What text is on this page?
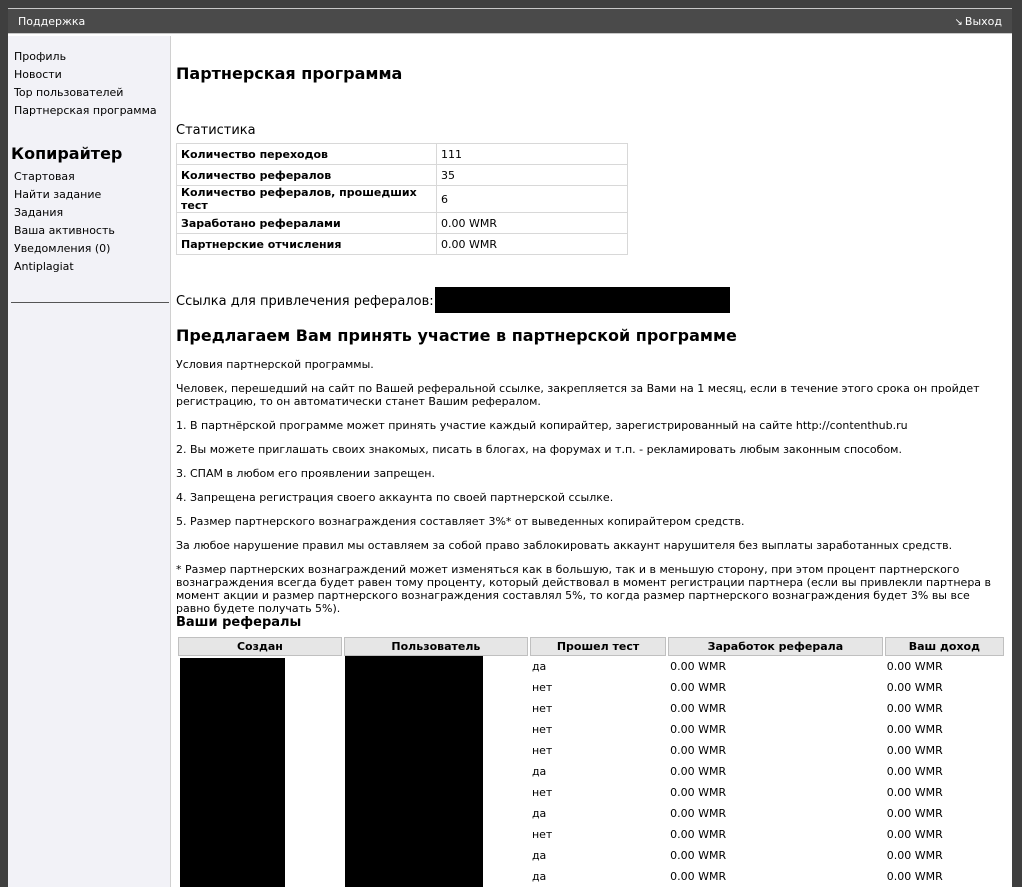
Поддержка	↘ Выход
Профиль
Новости
Top пользователей
Партнерская программа
Копирайтер
Стартовая
Найти задание
Задания
Ваша активность
Уведомления (0)
Antiplagiat
Партнерская программа
Статистика
Количество переходов	111
Количество рефералов	35
Количество рефералов, прошедших тест	6
Заработано рефералами	0.00 WMR
Партнерские отчисления	0.00 WMR
Ссылка для привлечения рефералов:
Предлагаем Вам принять участие в партнерской программе
Условия партнерской программы.
Человек, перешедший на сайт по Вашей реферальной ссылке, закрепляется за Вами на 1 месяц, если в течение этого срока он пройдет регистрацию, то он автоматически станет Вашим рефералом.
1. В партнёрской программе может принять участие каждый копирайтер, зарегистрированный на сайте http://contenthub.ru
2. Вы можете приглашать своих знакомых, писать в блогах, на форумах и т.п. - рекламировать любым законным способом.
3. СПАМ в любом его проявлении запрещен.
4. Запрещена регистрация своего аккаунта по своей партнерской ссылке.
5. Размер партнерского вознаграждения составляет 3%* от выведенных копирайтером средств.
За любое нарушение правил мы оставляем за собой право заблокировать аккаунт нарушителя без выплаты заработанных средств.
* Размер партнерских вознаграждений может изменяться как в большую, так и в меньшую сторону, при этом процент партнерского вознаграждения всегда будет равен тому проценту, который действовал в момент регистрации партнера (если вы привлекли партнера в момент акции и размер партнерского вознаграждения составлял 5%, то когда размер партнерского вознаграждения будет 3% вы все равно будете получать 5%).
Ваши рефералы
Создан	Пользователь	Прошел тест	Заработок реферала	Ваш доход
		да	0.00 WMR	0.00 WMR
		нет	0.00 WMR	0.00 WMR
		нет	0.00 WMR	0.00 WMR
		нет	0.00 WMR	0.00 WMR
		нет	0.00 WMR	0.00 WMR
		да	0.00 WMR	0.00 WMR
		нет	0.00 WMR	0.00 WMR
		да	0.00 WMR	0.00 WMR
		нет	0.00 WMR	0.00 WMR
		да	0.00 WMR	0.00 WMR
		да	0.00 WMR	0.00 WMR
